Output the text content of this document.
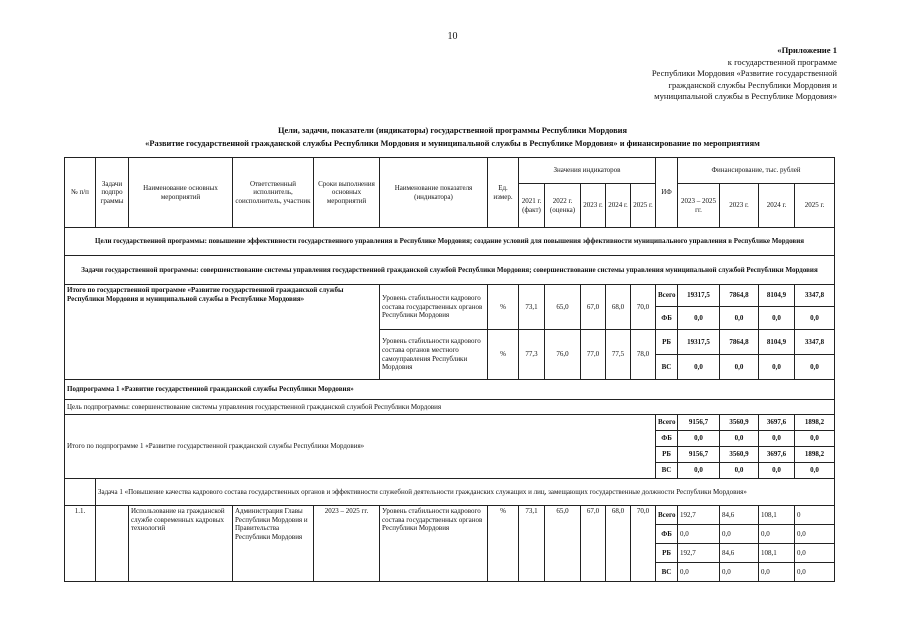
10
«Приложение 1
к государственной программе
Республики Мордовия «Развитие государственной
гражданской службы Республики Мордовия и
муниципальной службы в Республике Мордовия»
Цели, задачи, показатели (индикаторы) государственной программы Республики Мордовия
«Развитие государственной гражданской службы Республики Мордовия и муниципальной службы в Республике Мордовия» и финансирование по мероприятиям
№ п/п	Задачи подпро граммы	Наименование основных мероприятий	Ответственный исполнитель, соисполнитель, участник	Сроки выполнения основных мероприятий	Наименование показателя (индикатора)	Ед. измер.	Значения индикаторов					ИФ	Финансирование, тыс. рублей			
							2021 г. (факт)	2022 г. (оценка)	2023 г.	2024 г.	2025 г.		2023 – 2025 гг.	2023 г.	2024 г.	2025 г.
Цели государственной программы: повышение эффективности государственного управления в Республике Мордовия; создание условий для повышения эффективности муниципального управления в Республике Мордовия																
Задачи государственной программы: совершенствование системы управления государственной гражданской службой Республики Мордовия; совершенствование системы управления муниципальной службой Республики Мордовия																
Итого по государственной программе «Развитие государственной гражданской службы Республики Мордовия и муниципальной службы в Республике Мордовия»					Уровень стабильности кадрового состава государственных органов Республики Мордовия	%	73,1	65,0	67,0	68,0	70,0	Всего	19317,5	7864,8	8104,9	3347,8
												ФБ	0,0	0,0	0,0	0,0
					Уровень стабильности кадрового состава органов местного самоуправления Республики Мордовия	%	77,3	76,0	77,0	77,5	78,0	РБ	19317,5	7864,8	8104,9	3347,8
												ВС	0,0	0,0	0,0	0,0
Подпрограмма 1 «Развитие государственной гражданской службы Республики Мордовия»																
Цель подпрограммы: совершенствование системы управления государственной гражданской службой Республики Мордовия																
Итого по подпрограмме 1 «Развитие государственной гражданской службы Республики Мордовия»												Всего	9156,7	3560,9	3697,6	1898,2
												ФБ	0,0	0,0	0,0	0,0
												РБ	9156,7	3560,9	3697,6	1898,2
												ВС	0,0	0,0	0,0	0,0
	Задача 1 «Повышение качества кадрового состава государственных органов и эффективности служебной деятельности гражданских служащих и лиц, замещающих государственные должности Республики Мордовия»															
1.1.		Использование на гражданской службе современных кадровых технологий	Администрация Главы Республики Мордовия и Правительства Республики Мордовия	2023 – 2025 гг.	Уровень стабильности кадрового состава государственных органов Республики Мордовия	%	73,1	65,0	67,0	68,0	70,0	Всего	192,7	84,6	108,1	0
												ФБ	0,0	0,0	0,0	0,0
												РБ	192,7	84,6	108,1	0,0
												ВС	0,0	0,0	0,0	0,0
